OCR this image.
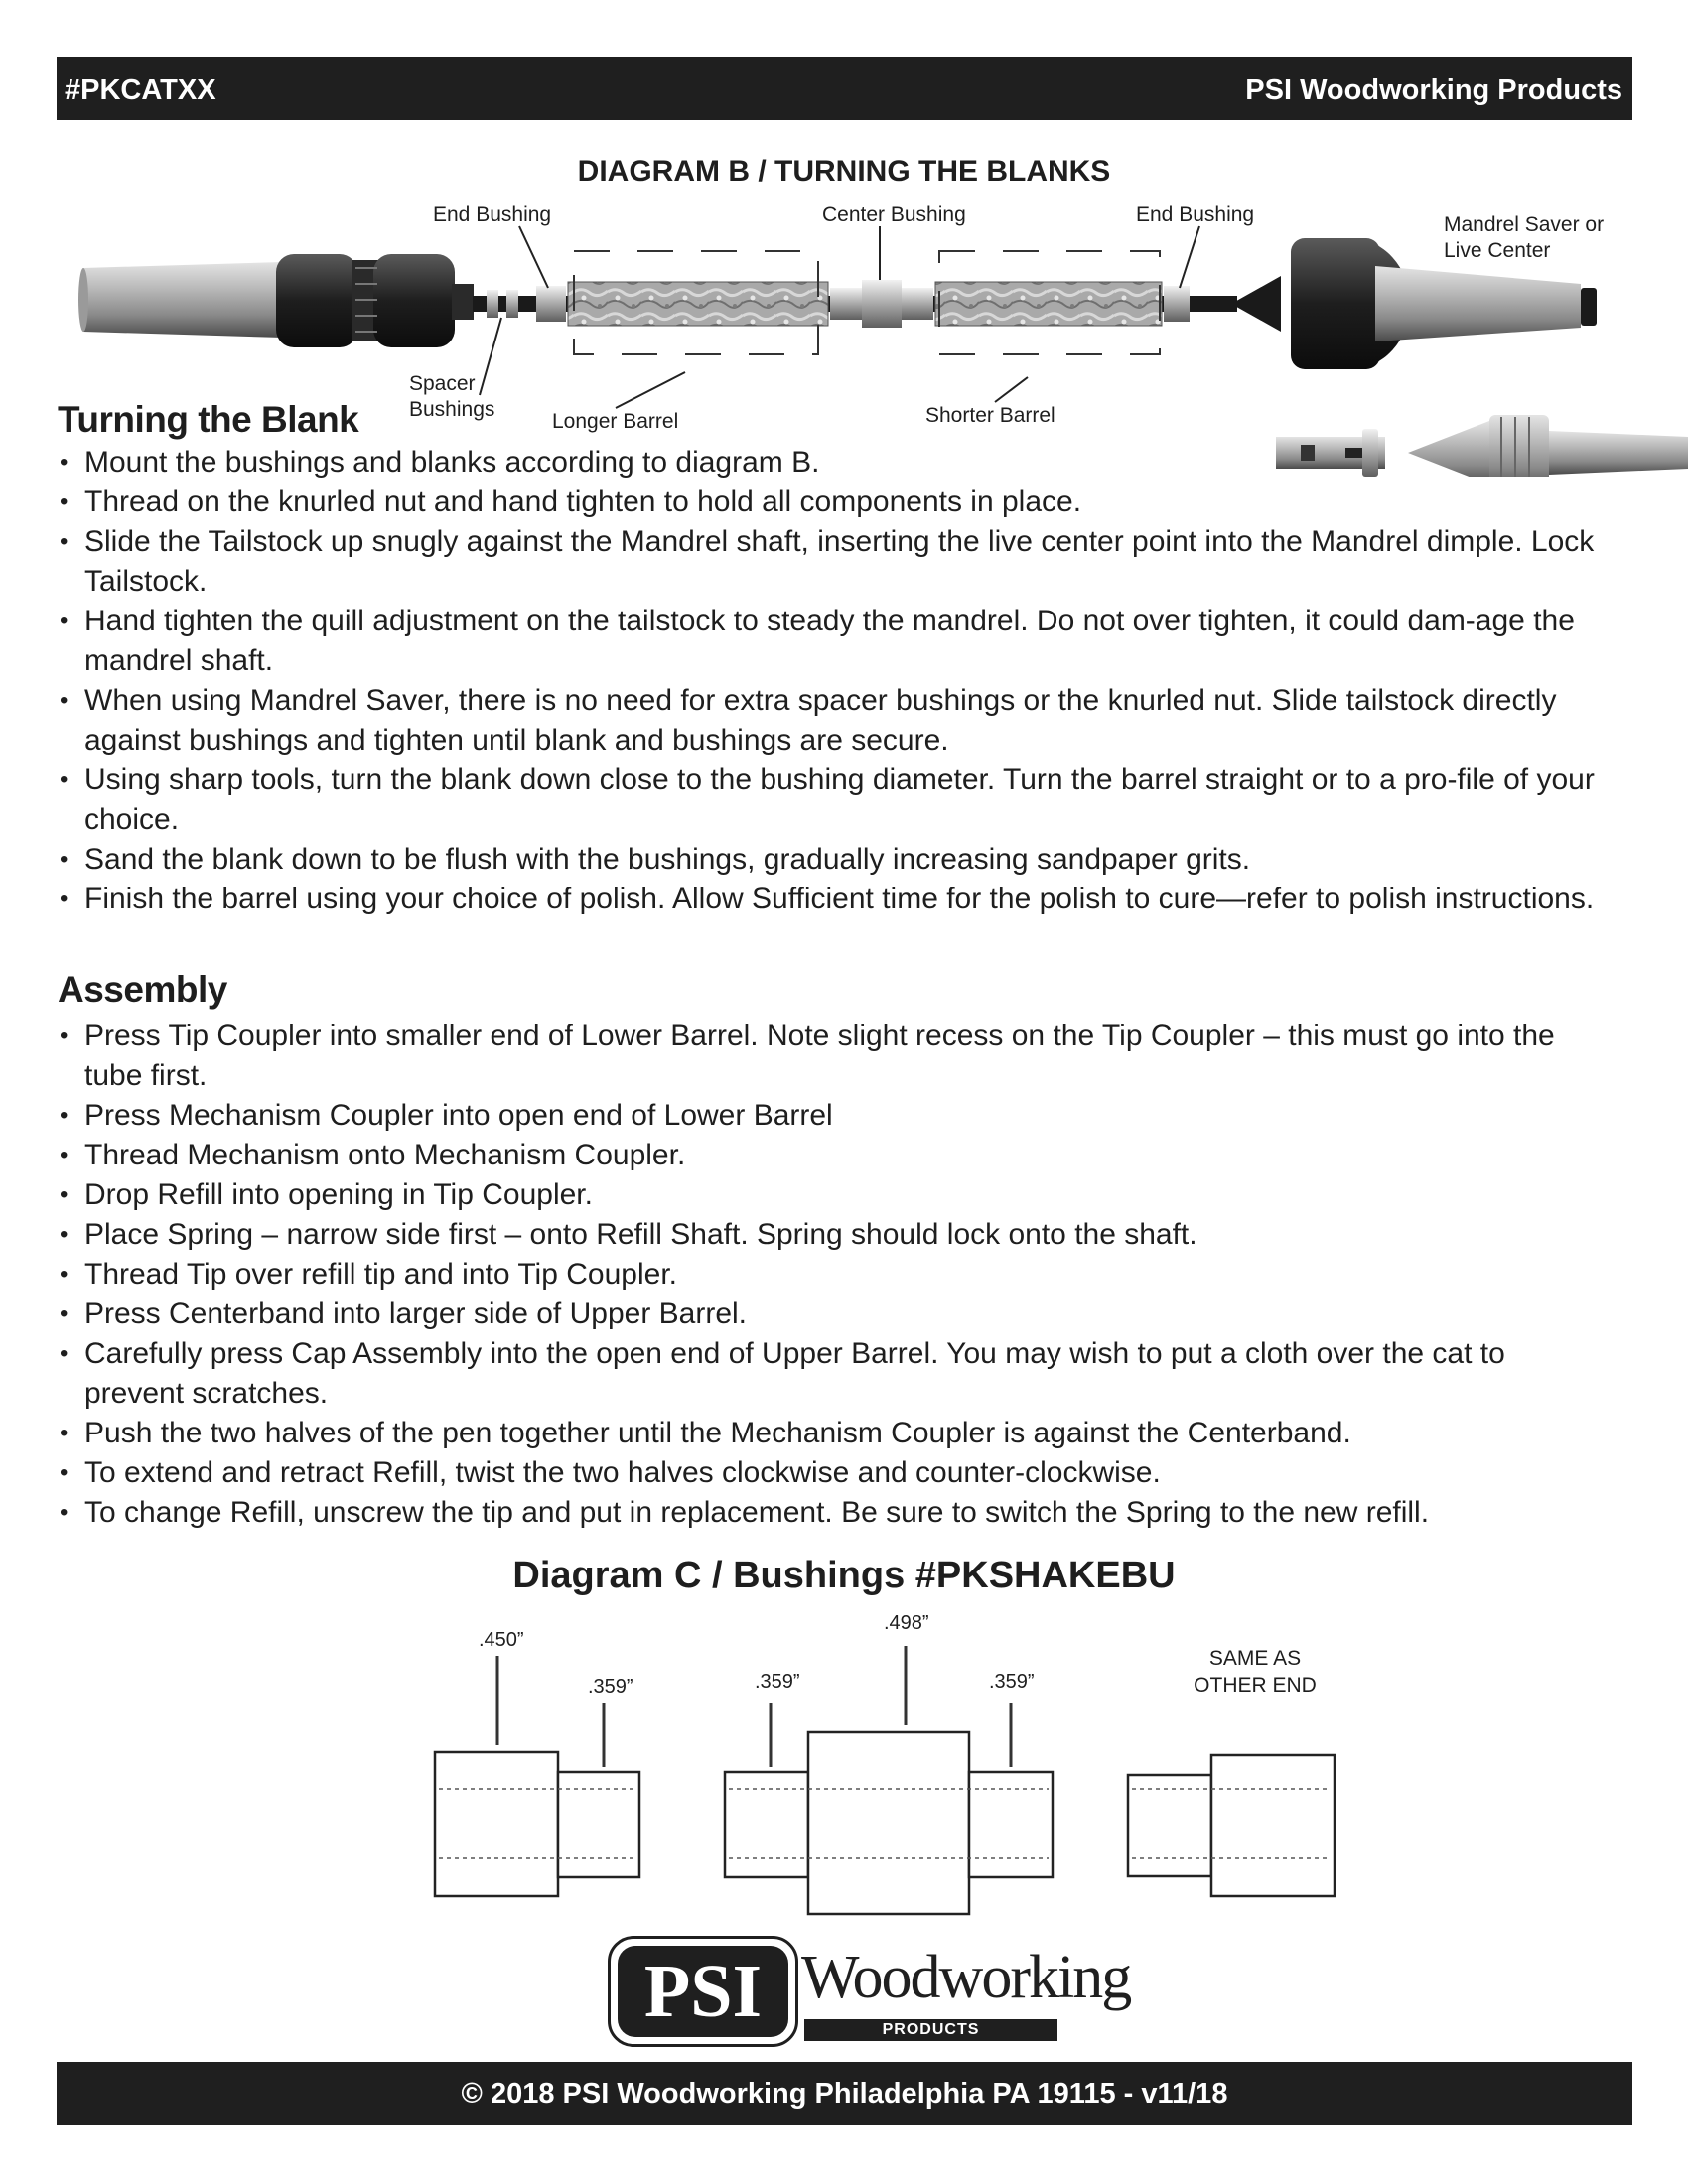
#PKCATXX	PSI Woodworking Products
DIAGRAM B / TURNING THE BLANKS
End Bushing	Center Bushing	End Bushing	Mandrel Saver or
Live Center
Spacer
Bushings
Longer Barrel	Shorter Barrel
Turning the Blank
• Mount the bushings and blanks according to diagram B.
• Thread on the knurled nut and hand tighten to hold all components in place.
• Slide the Tailstock up snugly against the Mandrel shaft, inserting the live center point into the Mandrel dimple. Lock Tailstock.
• Hand tighten the quill adjustment on the tailstock to steady the mandrel. Do not over tighten, it could dam-age the mandrel shaft.
• When using Mandrel Saver, there is no need for extra spacer bushings or the knurled nut. Slide tailstock directly against bushings and tighten until blank and bushings are secure.
• Using sharp tools, turn the blank down close to the bushing diameter. Turn the barrel straight or to a pro-file of your choice.
• Sand the blank down to be flush with the bushings, gradually increasing sandpaper grits.
• Finish the barrel using your choice of polish. Allow Sufficient time for the polish to cure—refer to polish instructions.
Assembly
• Press Tip Coupler into smaller end of Lower Barrel. Note slight recess on the Tip Coupler – this must go into the tube first.
• Press Mechanism Coupler into open end of Lower Barrel
• Thread Mechanism onto Mechanism Coupler.
• Drop Refill into opening in Tip Coupler.
• Place Spring – narrow side first – onto Refill Shaft. Spring should lock onto the shaft.
• Thread Tip over refill tip and into Tip Coupler.
• Press Centerband into larger side of Upper Barrel.
• Carefully press Cap Assembly into the open end of Upper Barrel. You may wish to put a cloth over the cat to prevent scratches.
• Push the two halves of the pen together until the Mechanism Coupler is against the Centerband.
• To extend and retract Refill, twist the two halves clockwise and counter-clockwise.
• To change Refill, unscrew the tip and put in replacement. Be sure to switch the Spring to the new refill.
Diagram C / Bushings #PKSHAKEBU
.450”
.359”	.359”
.498”
.359”
SAME AS
OTHER END
PSI Woodworking
PRODUCTS
© 2018 PSI Woodworking Philadelphia PA 19115 - v11/18
